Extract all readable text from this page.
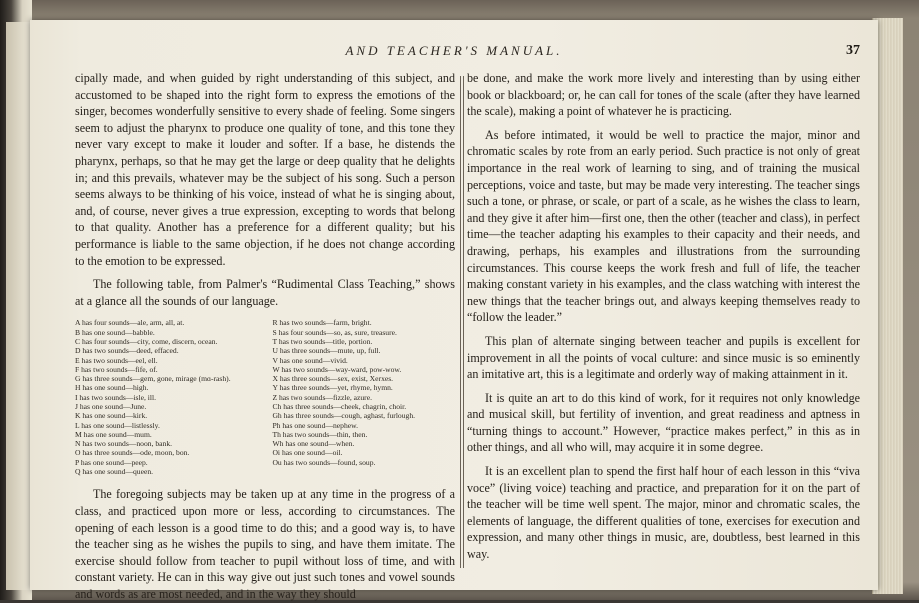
AND TEACHER'S MANUAL.	37

cipally made, and when guided by right understanding of this subject, and accustomed to be shaped into the right form to express the emotions of the singer, becomes wonderfully sensitive to every shade of feeling. Some singers seem to adjust the pharynx to produce one quality of tone, and this tone they never vary except to make it louder and softer. If a base, he distends the pharynx, perhaps, so that he may get the large or deep quality that he delights in; and this prevails, whatever may be the subject of his song. Such a person seems always to be thinking of his voice, instead of what he is singing about, and, of course, never gives a true expression, excepting to words that belong to that quality. Another has a preference for a different quality; but his performance is liable to the same objection, if he does not change according to the emotion to be expressed.

The following table, from Palmer's “Rudimental Class Teaching,” shows at a glance all the sounds of our language.

A has four sounds—ale, arm, all, at.
B has one sound—babble.
C has four sounds—city, come, discern, ocean.
D has two sounds—deed, effaced.
E has two sounds—eel, ell.
F has two sounds—fife, of.
G has three sounds—gem, gone, mirage (mɑ-rash).
H has one sound—high.
I has two sounds—isle, ill.
J has one sound—June.
K has one sound—kirk.
L has one sound—listlessly.
M has one sound—mum.
N has two sounds—noon, bank.
O has three sounds—ode, moon, bon.
P has one sound—peep.
Q has one sound—queen.
R has two sounds—farm, bright.
S has four sounds—so, as, sure, treasure.
T has two sounds—title, portion.
U has three sounds—mute, up, full.
V has one sound—vivid.
W has two sounds—way-ward, pow-wow.
X has three sounds—sex, exist, Xerxes.
Y has three sounds—yet, rhyme, hymn.
Z has two sounds—fizzle, azure.
Ch has three sounds—cheek, chagrin, choir.
Gh has three sounds—cough, aghast, furlough.
Ph has one sound—nephew.
Th has two sounds—thin, then.
Wh has one sound—when.
Oi has one sound—oil.
Ou has two sounds—found, soup.

The foregoing subjects may be taken up at any time in the progress of a class, and practiced upon more or less, according to circumstances. The opening of each lesson is a good time to do this; and a good way is, to have the teacher sing as he wishes the pupils to sing, and have them imitate. The exercise should follow from teacher to pupil without loss of time, and with constant variety. He can in this way give out just such tones and vowel sounds and words as are most needed, and in the way they should

be done, and make the work more lively and interesting than by using either book or blackboard; or, he can call for tones of the scale (after they have learned the scale), making a point of whatever he is practicing.

As before intimated, it would be well to practice the major, minor and chromatic scales by rote from an early period. Such practice is not only of great importance in the real work of learning to sing, and of training the musical perceptions, voice and taste, but may be made very interesting. The teacher sings such a tone, or phrase, or scale, or part of a scale, as he wishes the class to learn, and they give it after him—first one, then the other (teacher and class), in perfect time—the teacher adapting his examples to their capacity and their needs, and drawing, perhaps, his examples and illustrations from the surrounding circumstances. This course keeps the work fresh and full of life, the teacher making constant variety in his examples, and the class watching with interest the new things that the teacher brings out, and always keeping themselves ready to “follow the leader.”

This plan of alternate singing between teacher and pupils is excellent for improvement in all the points of vocal culture: and since music is so eminently an imitative art, this is a legitimate and orderly way of making attainment in it.

It is quite an art to do this kind of work, for it requires not only knowledge and musical skill, but fertility of invention, and great readiness and aptness in “turning things to account.” However, “practice makes perfect,” in this as in other things, and all who will, may acquire it in some degree.

It is an excellent plan to spend the first half hour of each lesson in this “viva voce” (living voice) teaching and practice, and preparation for it on the part of the teacher will be time well spent. The major, minor and chromatic scales, the elements of language, the different qualities of tone, exercises for execution and expression, and many other things in music, are, doubtless, best learned in this way.
